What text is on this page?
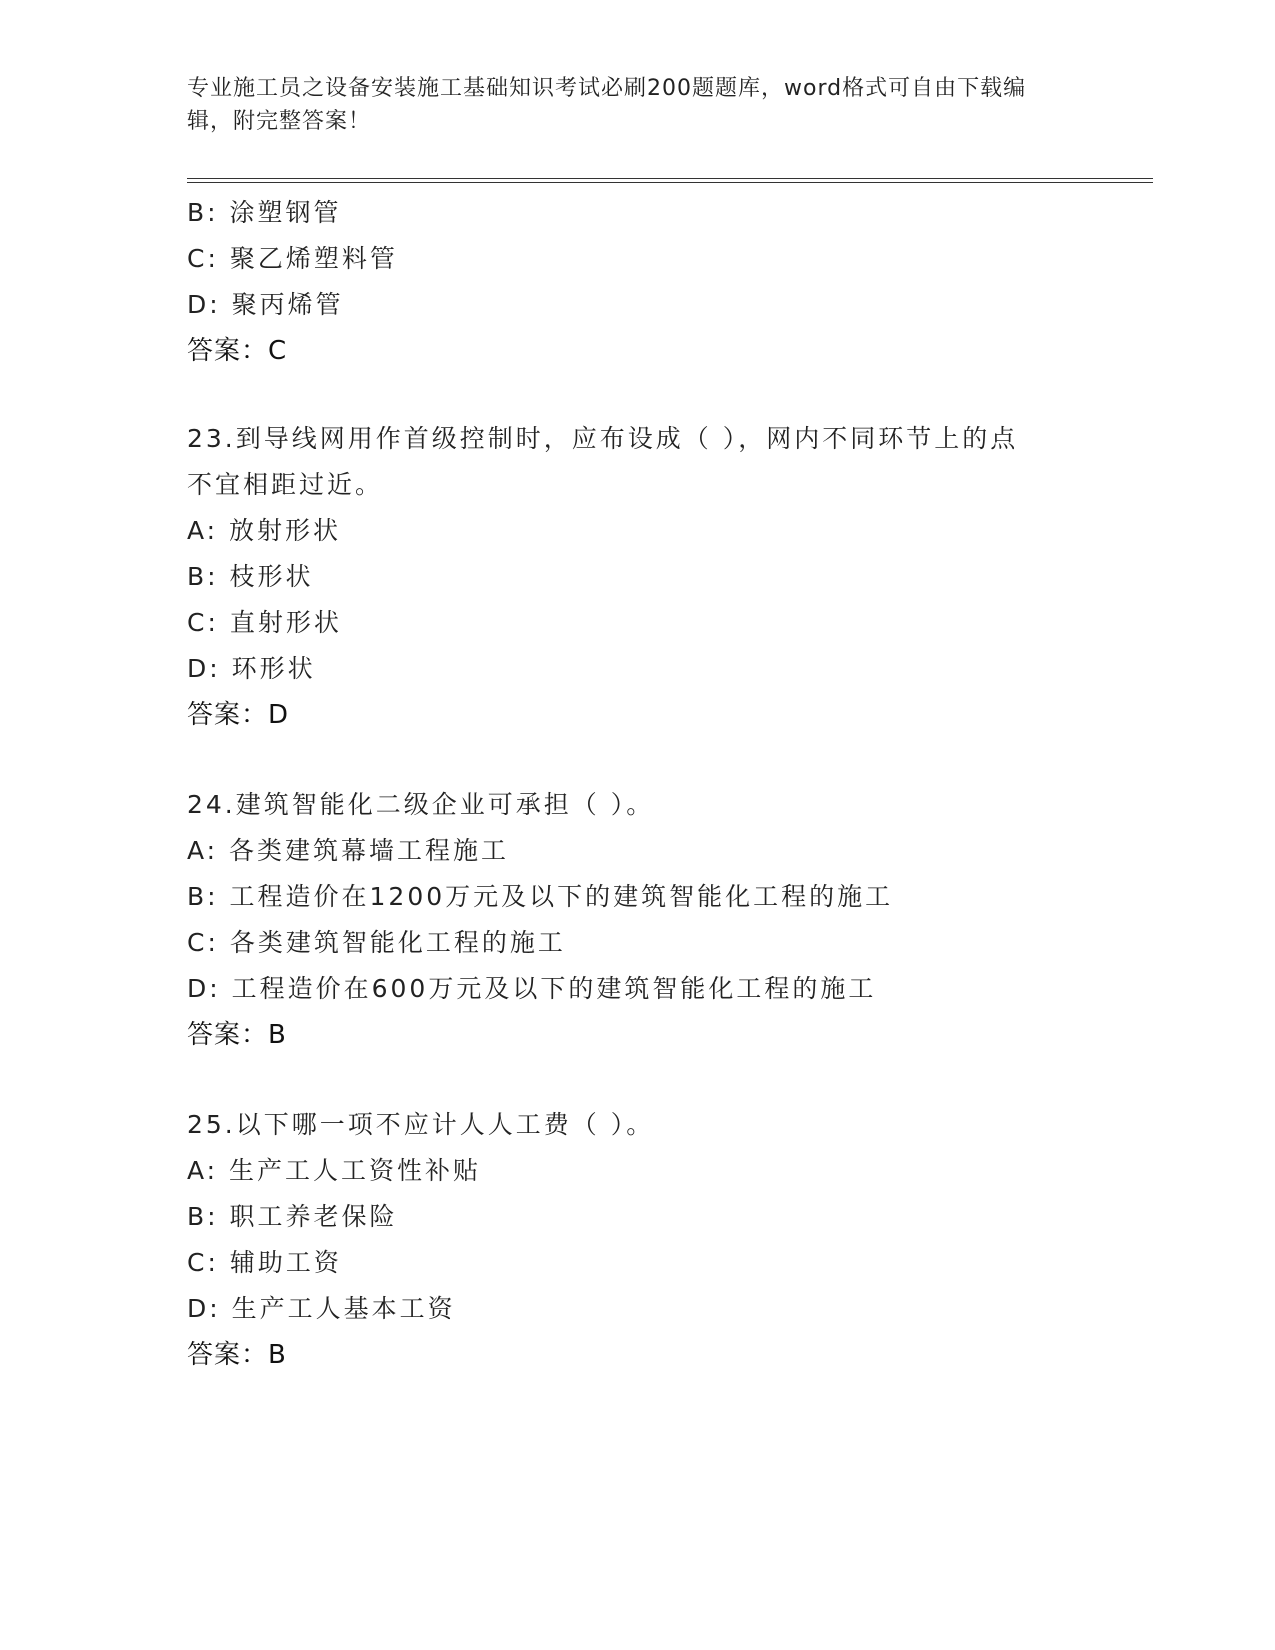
专业施工员之设备安装施工基础知识考试必刷200题题库，word格式可自由下载编辑，附完整答案！
B: 涂塑钢管
C: 聚乙烯塑料管
D: 聚丙烯管
答案：C
23.到导线网用作首级控制时，应布设成（ ），网内不同环节上的点
不宜相距过近。
A: 放射形状
B: 枝形状
C: 直射形状
D: 环形状
答案：D
24.建筑智能化二级企业可承担（ ）。
A: 各类建筑幕墙工程施工
B: 工程造价在1200万元及以下的建筑智能化工程的施工
C: 各类建筑智能化工程的施工
D: 工程造价在600万元及以下的建筑智能化工程的施工
答案：B
25.以下哪一项不应计人人工费（ ）。
A: 生产工人工资性补贴
B: 职工养老保险
C: 辅助工资
D: 生产工人基本工资
答案：B
